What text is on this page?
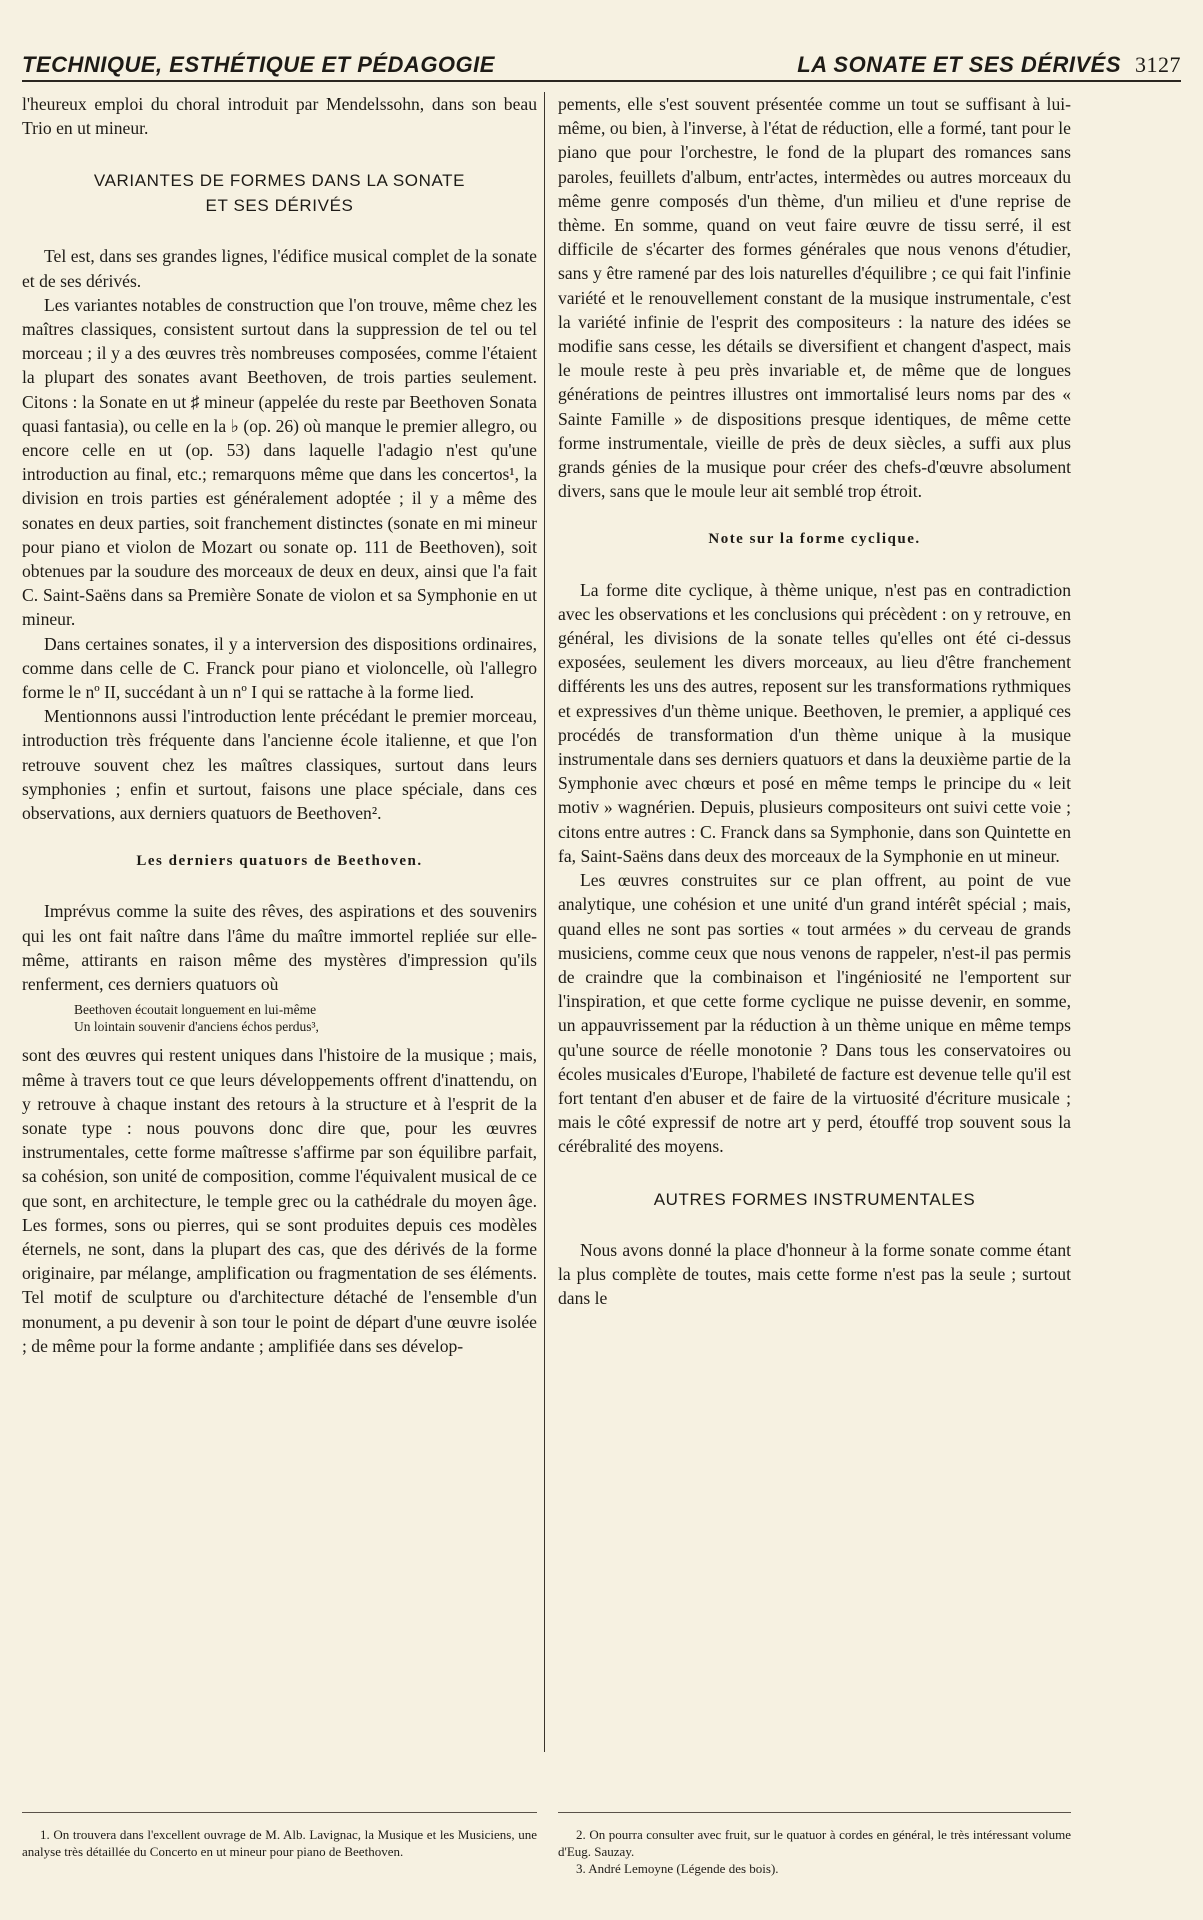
TECHNIQUE, ESTHÉTIQUE ET PÉDAGOGIE	LA SONATE ET SES DÉRIVÉS 3127

l'heureux emploi du choral introduit par Mendelssohn, dans son beau Trio en ut mineur.

VARIANTES DE FORMES DANS LA SONATE
ET SES DÉRIVÉS

Tel est, dans ses grandes lignes, l'édifice musical complet de la sonate et de ses dérivés.

Les variantes notables de construction que l'on trouve, même chez les maîtres classiques, consistent surtout dans la suppression de tel ou tel morceau ; il y a des œuvres très nombreuses composées, comme l'étaient la plupart des sonates avant Beethoven, de trois parties seulement. Citons : la Sonate en ut ♯ mineur (appelée du reste par Beethoven Sonata quasi fantasia), ou celle en la ♭ (op. 26) où manque le premier allegro, ou encore celle en ut (op. 53) dans laquelle l'adagio n'est qu'une introduction au final, etc.; remarquons même que dans les concertos¹, la division en trois parties est généralement adoptée ; il y a même des sonates en deux parties, soit franchement distinctes (sonate en mi mineur pour piano et violon de Mozart ou sonate op. 111 de Beethoven), soit obtenues par la soudure des morceaux de deux en deux, ainsi que l'a fait C. Saint-Saëns dans sa Première Sonate de violon et sa Symphonie en ut mineur.

Dans certaines sonates, il y a interversion des dispositions ordinaires, comme dans celle de C. Franck pour piano et violoncelle, où l'allegro forme le nº II, succédant à un nº I qui se rattache à la forme lied.

Mentionnons aussi l'introduction lente précédant le premier morceau, introduction très fréquente dans l'ancienne école italienne, et que l'on retrouve souvent chez les maîtres classiques, surtout dans leurs symphonies ; enfin et surtout, faisons une place spéciale, dans ces observations, aux derniers quatuors de Beethoven².

Les derniers quatuors de Beethoven.

Imprévus comme la suite des rêves, des aspirations et des souvenirs qui les ont fait naître dans l'âme du maître immortel repliée sur elle-même, attirants en raison même des mystères d'impression qu'ils renferment, ces derniers quatuors où

Beethoven écoutait longuement en lui-même
Un lointain souvenir d'anciens échos perdus³,

sont des œuvres qui restent uniques dans l'histoire de la musique ; mais, même à travers tout ce que leurs développements offrent d'inattendu, on y retrouve à chaque instant des retours à la structure et à l'esprit de la sonate type : nous pouvons donc dire que, pour les œuvres instrumentales, cette forme maîtresse s'affirme par son équilibre parfait, sa cohésion, son unité de composition, comme l'équivalent musical de ce que sont, en architecture, le temple grec ou la cathédrale du moyen âge. Les formes, sons ou pierres, qui se sont produites depuis ces modèles éternels, ne sont, dans la plupart des cas, que des dérivés de la forme originaire, par mélange, amplification ou fragmentation de ses éléments. Tel motif de sculpture ou d'architecture détaché de l'ensemble d'un monument, a pu devenir à son tour le point de départ d'une œuvre isolée ; de même pour la forme andante ; amplifiée dans ses dévelop-

pements, elle s'est souvent présentée comme un tout se suffisant à lui-même, ou bien, à l'inverse, à l'état de réduction, elle a formé, tant pour le piano que pour l'orchestre, le fond de la plupart des romances sans paroles, feuillets d'album, entr'actes, intermèdes ou autres morceaux du même genre composés d'un thème, d'un milieu et d'une reprise de thème. En somme, quand on veut faire œuvre de tissu serré, il est difficile de s'écarter des formes générales que nous venons d'étudier, sans y être ramené par des lois naturelles d'équilibre ; ce qui fait l'infinie variété et le renouvellement constant de la musique instrumentale, c'est la variété infinie de l'esprit des compositeurs : la nature des idées se modifie sans cesse, les détails se diversifient et changent d'aspect, mais le moule reste à peu près invariable et, de même que de longues générations de peintres illustres ont immortalisé leurs noms par des « Sainte Famille » de dispositions presque identiques, de même cette forme instrumentale, vieille de près de deux siècles, a suffi aux plus grands génies de la musique pour créer des chefs-d'œuvre absolument divers, sans que le moule leur ait semblé trop étroit.

Note sur la forme cyclique.

La forme dite cyclique, à thème unique, n'est pas en contradiction avec les observations et les conclusions qui précèdent : on y retrouve, en général, les divisions de la sonate telles qu'elles ont été ci-dessus exposées, seulement les divers morceaux, au lieu d'être franchement différents les uns des autres, reposent sur les transformations rythmiques et expressives d'un thème unique. Beethoven, le premier, a appliqué ces procédés de transformation d'un thème unique à la musique instrumentale dans ses derniers quatuors et dans la deuxième partie de la Symphonie avec chœurs et posé en même temps le principe du « leit motiv » wagnérien. Depuis, plusieurs compositeurs ont suivi cette voie ; citons entre autres : C. Franck dans sa Symphonie, dans son Quintette en fa, Saint-Saëns dans deux des morceaux de la Symphonie en ut mineur.

Les œuvres construites sur ce plan offrent, au point de vue analytique, une cohésion et une unité d'un grand intérêt spécial ; mais, quand elles ne sont pas sorties « tout armées » du cerveau de grands musiciens, comme ceux que nous venons de rappeler, n'est-il pas permis de craindre que la combinaison et l'ingéniosité ne l'emportent sur l'inspiration, et que cette forme cyclique ne puisse devenir, en somme, un appauvrissement par la réduction à un thème unique en même temps qu'une source de réelle monotonie ? Dans tous les conservatoires ou écoles musicales d'Europe, l'habileté de facture est devenue telle qu'il est fort tentant d'en abuser et de faire de la virtuosité d'écriture musicale ; mais le côté expressif de notre art y perd, étouffé trop souvent sous la cérébralité des moyens.

AUTRES FORMES INSTRUMENTALES

Nous avons donné la place d'honneur à la forme sonate comme étant la plus complète de toutes, mais cette forme n'est pas la seule ; surtout dans le

1. On trouvera dans l'excellent ouvrage de M. Alb. Lavignac, la Musique et les Musiciens, une analyse très détaillée du Concerto en ut mineur pour piano de Beethoven.

2. On pourra consulter avec fruit, sur le quatuor à cordes en général, le très intéressant volume d'Eug. Sauzay.

3. André Lemoyne (Légende des bois).
